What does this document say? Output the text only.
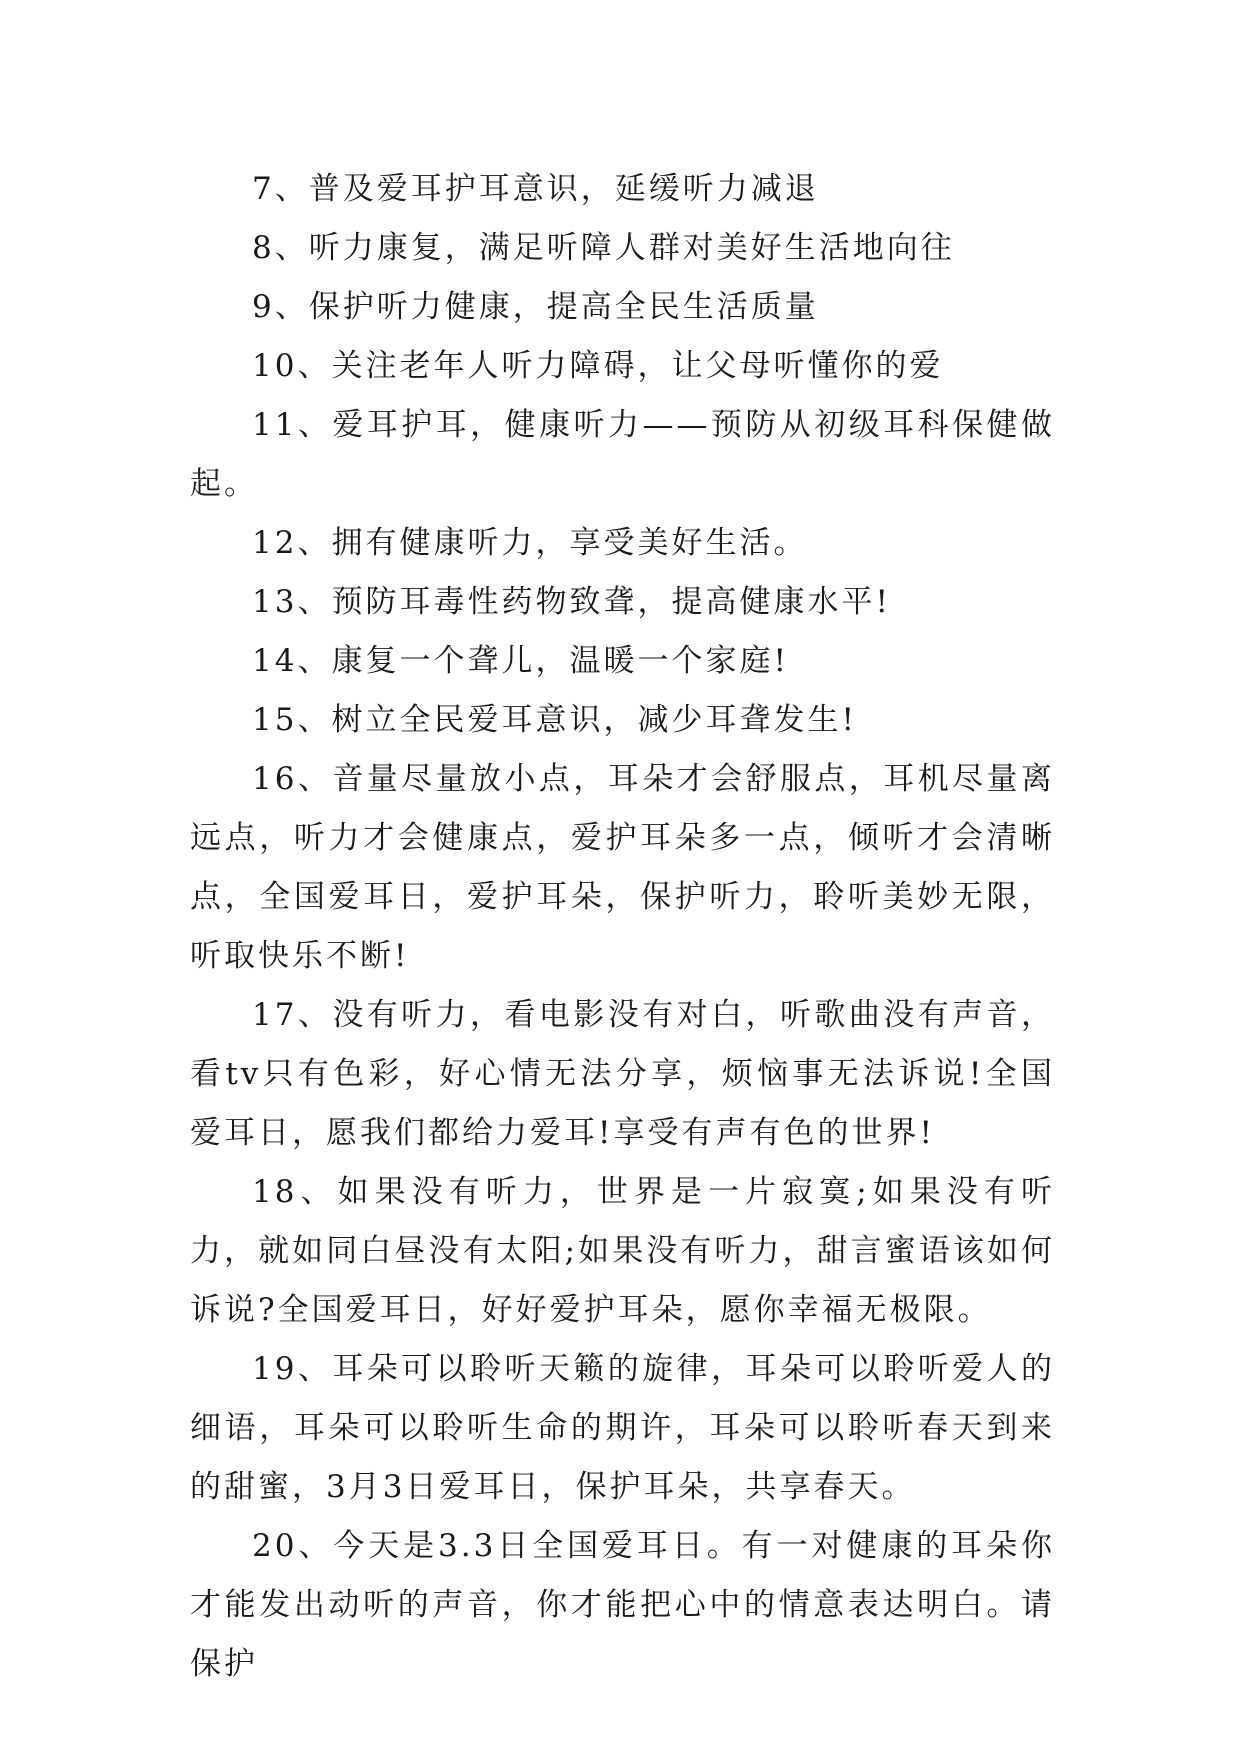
7、普及爱耳护耳意识，延缓听力减退

8、听力康复，满足听障人群对美好生活地向往

9、保护听力健康，提高全民生活质量

10、关注老年人听力障碍，让父母听懂你的爱

11、爱耳护耳，健康听力——预防从初级耳科保健做起。

12、拥有健康听力，享受美好生活。

13、预防耳毒性药物致聋，提高健康水平!

14、康复一个聋儿，温暖一个家庭!

15、树立全民爱耳意识，减少耳聋发生!

16、音量尽量放小点，耳朵才会舒服点，耳机尽量离远点，听力才会健康点，爱护耳朵多一点，倾听才会清晰点，全国爱耳日，爱护耳朵，保护听力，聆听美妙无限，听取快乐不断!

17、没有听力，看电影没有对白，听歌曲没有声音，看tv只有色彩，好心情无法分享，烦恼事无法诉说!全国爱耳日，愿我们都给力爱耳!享受有声有色的世界!

18、如果没有听力，世界是一片寂寞;如果没有听力，就如同白昼没有太阳;如果没有听力，甜言蜜语该如何诉说?全国爱耳日，好好爱护耳朵，愿你幸福无极限。

19、耳朵可以聆听天籁的旋律，耳朵可以聆听爱人的细语，耳朵可以聆听生命的期许，耳朵可以聆听春天到来的甜蜜，3月3日爱耳日，保护耳朵，共享春天。

20、今天是3.3日全国爱耳日。有一对健康的耳朵你才能发出动听的声音，你才能把心中的情意表达明白。请保护
